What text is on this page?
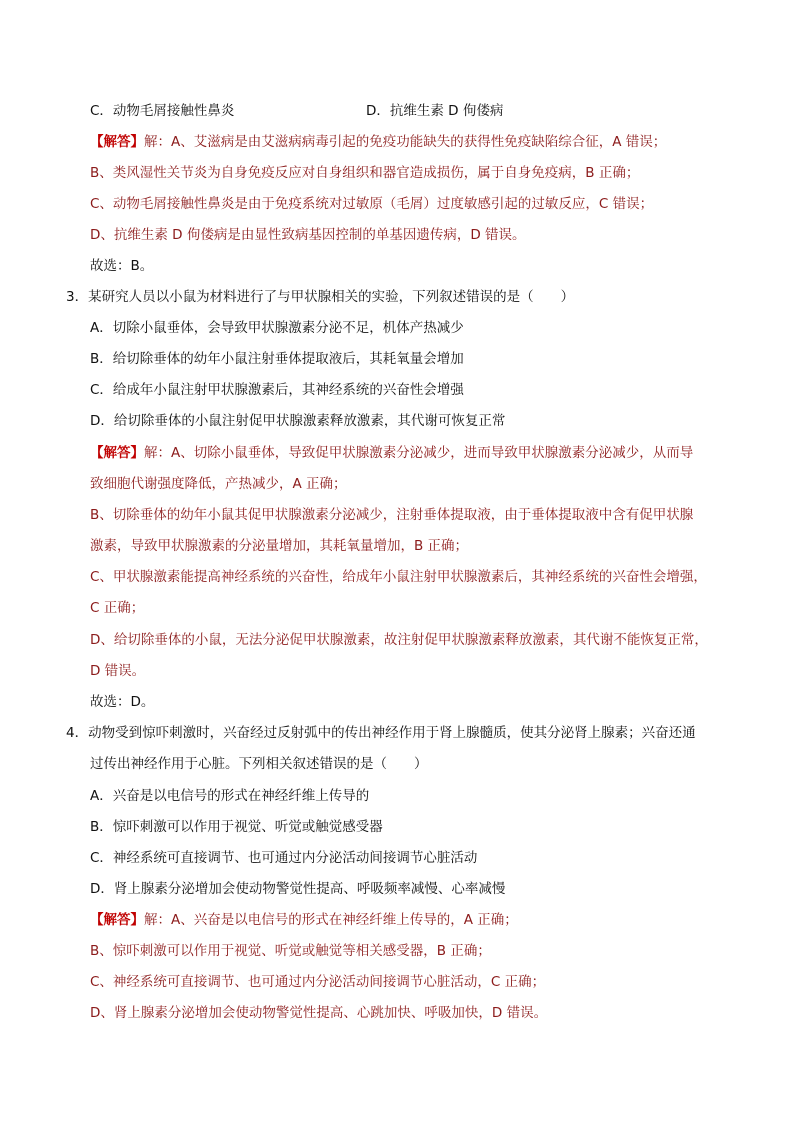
C．动物毛屑接触性鼻炎	D．抗维生素 D 佝偻病
【解答】解：A、艾滋病是由艾滋病病毒引起的免疫功能缺失的获得性免疫缺陷综合征，A 错误；
B、类风湿性关节炎为自身免疫反应对自身组织和器官造成损伤，属于自身免疫病，B 正确；
C、动物毛屑接触性鼻炎是由于免疫系统对过敏原（毛屑）过度敏感引起的过敏反应，C 错误；
D、抗维生素 D 佝偻病是由显性致病基因控制的单基因遗传病，D 错误。
故选：B。
3．某研究人员以小鼠为材料进行了与甲状腺相关的实验，下列叙述错误的是（　　）
A．切除小鼠垂体，会导致甲状腺激素分泌不足，机体产热减少
B．给切除垂体的幼年小鼠注射垂体提取液后，其耗氧量会增加
C．给成年小鼠注射甲状腺激素后，其神经系统的兴奋性会增强
D．给切除垂体的小鼠注射促甲状腺激素释放激素，其代谢可恢复正常
【解答】解：A、切除小鼠垂体，导致促甲状腺激素分泌减少，进而导致甲状腺激素分泌减少，从而导
致细胞代谢强度降低，产热减少，A 正确；
B、切除垂体的幼年小鼠其促甲状腺激素分泌减少，注射垂体提取液，由于垂体提取液中含有促甲状腺
激素，导致甲状腺激素的分泌量增加，其耗氧量增加，B 正确；
C、甲状腺激素能提高神经系统的兴奋性，给成年小鼠注射甲状腺激素后，其神经系统的兴奋性会增强，
C 正确；
D、给切除垂体的小鼠，无法分泌促甲状腺激素，故注射促甲状腺激素释放激素，其代谢不能恢复正常，
D 错误。
故选：D。
4．动物受到惊吓刺激时，兴奋经过反射弧中的传出神经作用于肾上腺髓质，使其分泌肾上腺素；兴奋还通
过传出神经作用于心脏。下列相关叙述错误的是（　　）
A．兴奋是以电信号的形式在神经纤维上传导的
B．惊吓刺激可以作用于视觉、听觉或触觉感受器
C．神经系统可直接调节、也可通过内分泌活动间接调节心脏活动
D．肾上腺素分泌增加会使动物警觉性提高、呼吸频率减慢、心率减慢
【解答】解：A、兴奋是以电信号的形式在神经纤维上传导的，A 正确；
B、惊吓刺激可以作用于视觉、听觉或触觉等相关感受器，B 正确；
C、神经系统可直接调节、也可通过内分泌活动间接调节心脏活动，C 正确；
D、肾上腺素分泌增加会使动物警觉性提高、心跳加快、呼吸加快，D 错误。
